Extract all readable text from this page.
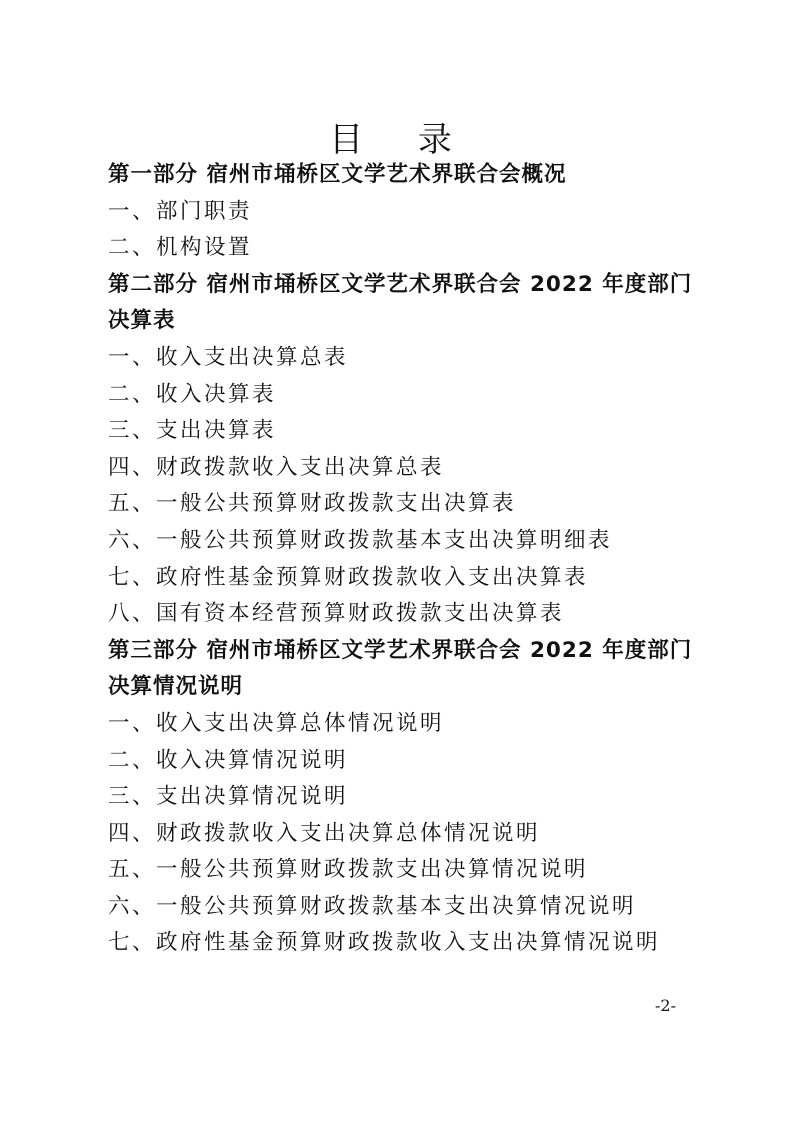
目 录
第一部分 宿州市埇桥区文学艺术界联合会概况
一、部门职责
二、机构设置
第二部分 宿州市埇桥区文学艺术界联合会 2022 年度部门决算表
一、收入支出决算总表
二、收入决算表
三、支出决算表
四、财政拨款收入支出决算总表
五、一般公共预算财政拨款支出决算表
六、一般公共预算财政拨款基本支出决算明细表
七、政府性基金预算财政拨款收入支出决算表
八、国有资本经营预算财政拨款支出决算表
第三部分 宿州市埇桥区文学艺术界联合会 2022 年度部门决算情况说明
一、收入支出决算总体情况说明
二、收入决算情况说明
三、支出决算情况说明
四、财政拨款收入支出决算总体情况说明
五、一般公共预算财政拨款支出决算情况说明
六、一般公共预算财政拨款基本支出决算情况说明
七、政府性基金预算财政拨款收入支出决算情况说明
-2-
